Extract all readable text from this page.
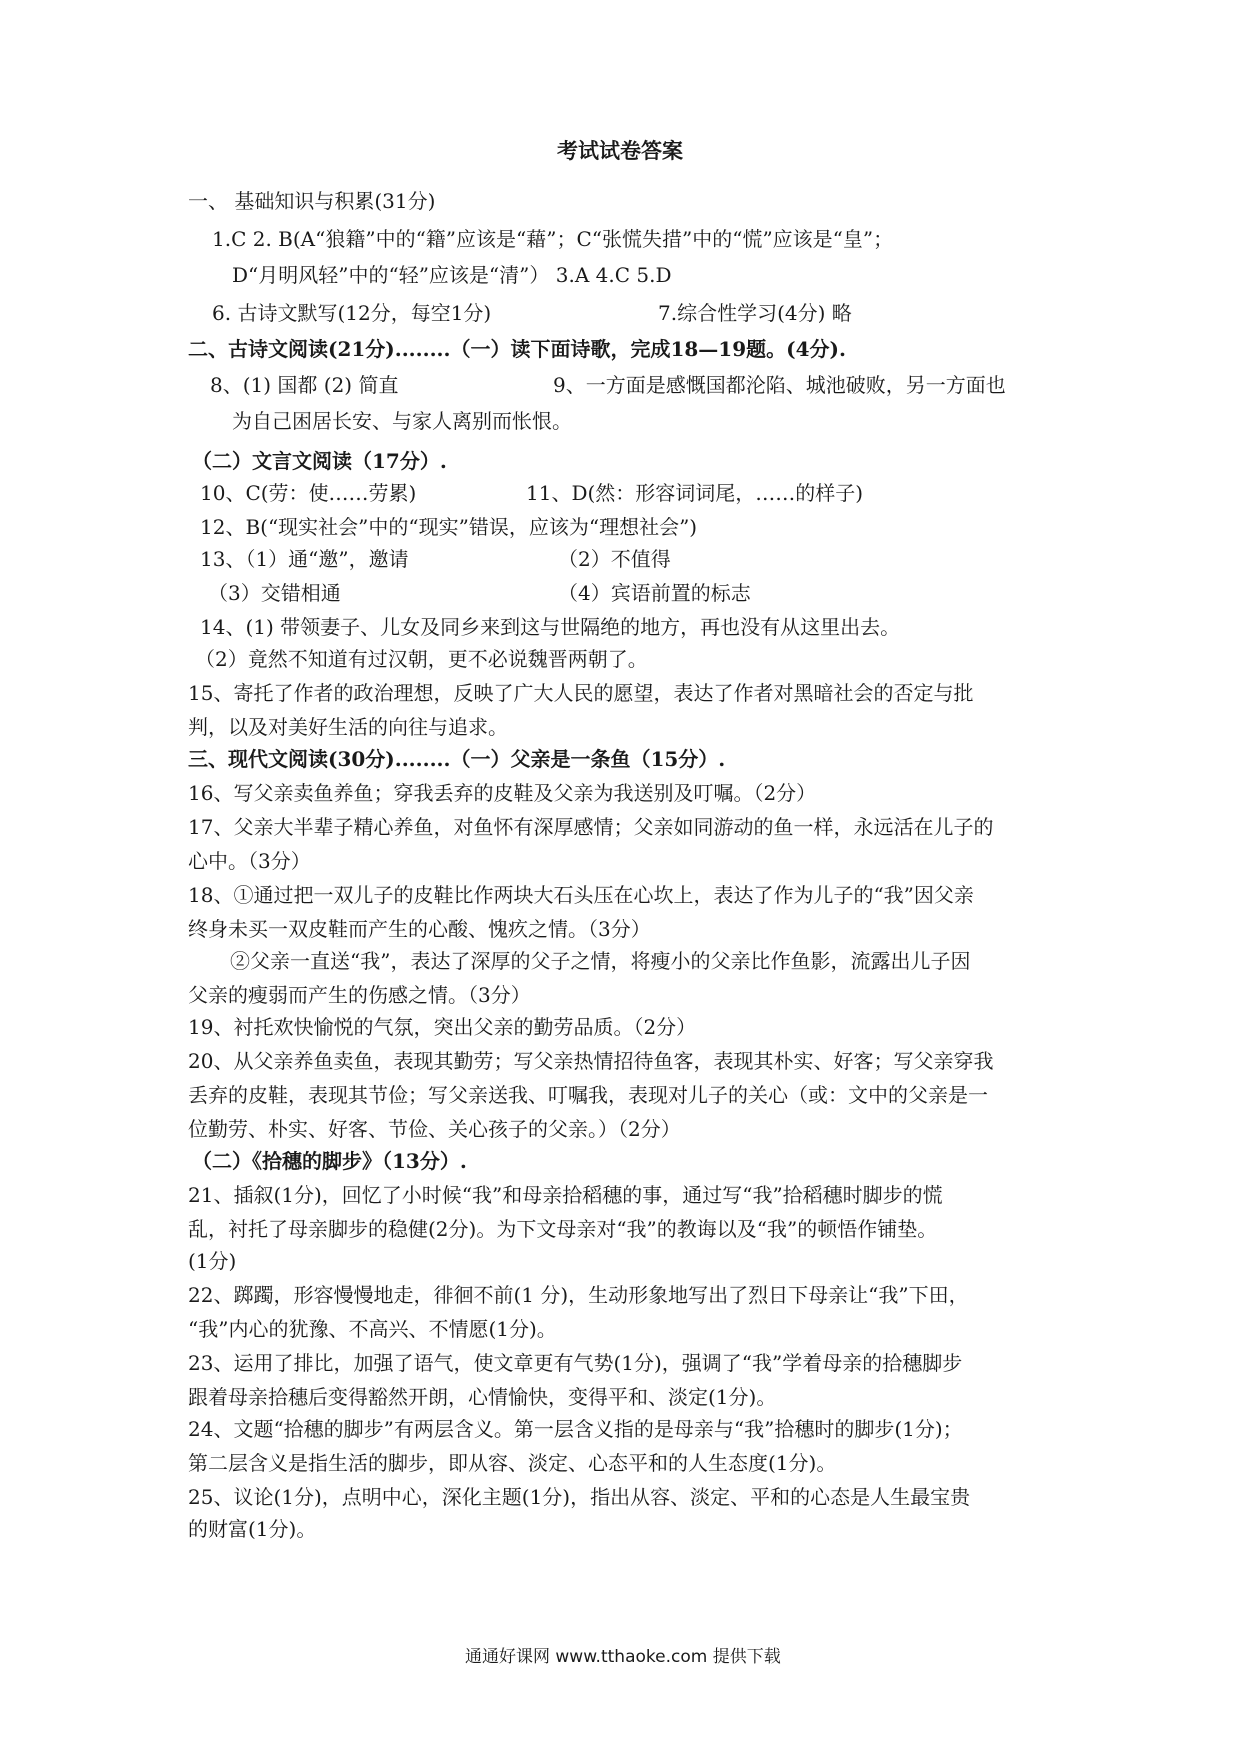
考试试卷答案
一、 基础知识与积累(31分)
1.C 2. B(A“狼籍”中的“籍”应该是“藉”；C“张慌失措”中的“慌”应该是“皇”；
D“月明风轻”中的“轻”应该是“清”） 3.A 4.C 5.D
6. 古诗文默写(12分，每空1分)	7.综合性学习(4分) 略
二、古诗文阅读(21分)........（一）读下面诗歌，完成18—19题。(4分).
8、(1) 国都 (2) 简直	9、一方面是感慨国都沦陷、城池破败，另一方面也
为自己困居长安、与家人离别而怅恨。
（二）文言文阅读（17分）.
10、C(劳：使……劳累)	11、D(然：形容词词尾，……的样子)
12、B(“现实社会”中的“现实”错误，应该为“理想社会”)
13、（1）通“邀”，邀请	（2）不值得
（3）交错相通	（4）宾语前置的标志
14、(1) 带领妻子、儿女及同乡来到这与世隔绝的地方，再也没有从这里出去。
（2）竟然不知道有过汉朝，更不必说魏晋两朝了。
15、寄托了作者的政治理想，反映了广大人民的愿望，表达了作者对黑暗社会的否定与批
判，以及对美好生活的向往与追求。
三、现代文阅读(30分)........（一）父亲是一条鱼（15分）.
16、写父亲卖鱼养鱼；穿我丢弃的皮鞋及父亲为我送别及叮嘱。（2分）
17、父亲大半辈子精心养鱼，对鱼怀有深厚感情；父亲如同游动的鱼一样，永远活在儿子的
心中。（3分）
18、①通过把一双儿子的皮鞋比作两块大石头压在心坎上，表达了作为儿子的“我”因父亲
终身未买一双皮鞋而产生的心酸、愧疚之情。（3分）
②父亲一直送“我”，表达了深厚的父子之情，将瘦小的父亲比作鱼影，流露出儿子因
父亲的瘦弱而产生的伤感之情。（3分）
19、衬托欢快愉悦的气氛，突出父亲的勤劳品质。（2分）
20、从父亲养鱼卖鱼，表现其勤劳；写父亲热情招待鱼客，表现其朴实、好客；写父亲穿我
丢弃的皮鞋，表现其节俭；写父亲送我、叮嘱我，表现对儿子的关心（或：文中的父亲是一
位勤劳、朴实、好客、节俭、关心孩子的父亲。）（2分）
（二）《拾穗的脚步》（13分）.
21、插叙(1分)，回忆了小时候“我”和母亲拾稻穗的事，通过写“我”拾稻穗时脚步的慌
乱，衬托了母亲脚步的稳健(2分)。为下文母亲对“我”的教诲以及“我”的顿悟作铺垫。
(1分)
22、踯躅，形容慢慢地走，徘徊不前(1 分)，生动形象地写出了烈日下母亲让“我”下田，
“我”内心的犹豫、不高兴、不情愿(1分)。
23、运用了排比，加强了语气，使文章更有气势(1分)，强调了“我”学着母亲的拾穗脚步
跟着母亲拾穗后变得豁然开朗，心情愉快，变得平和、淡定(1分)。
24、文题“拾穗的脚步”有两层含义。第一层含义指的是母亲与“我”拾穗时的脚步(1分)；
第二层含义是指生活的脚步，即从容、淡定、心态平和的人生态度(1分)。
25、议论(1分)，点明中心，深化主题(1分)，指出从容、淡定、平和的心态是人生最宝贵
的财富(1分)。
通通好课网 www.tthaoke.com 提供下载
